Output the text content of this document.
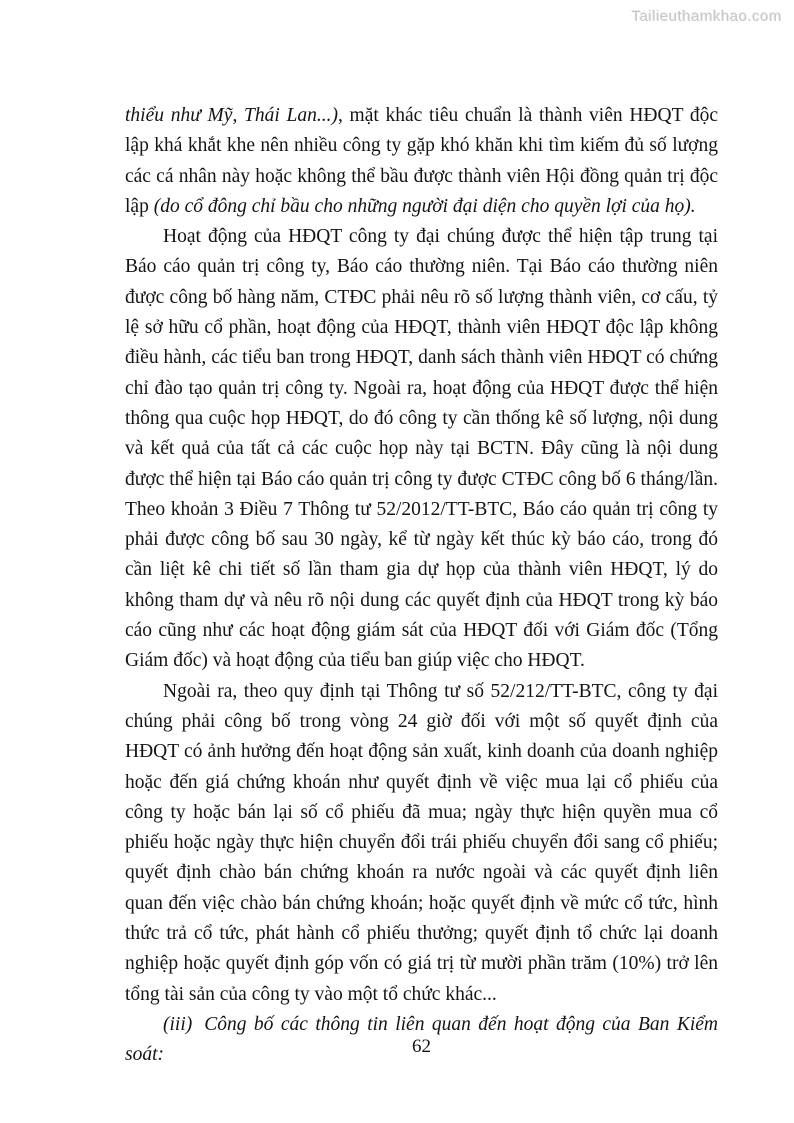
Tailieuthamkhao.com

thiểu như Mỹ, Thái Lan...), mặt khác tiêu chuẩn là thành viên HĐQT độc lập khá khắt khe nên nhiều công ty gặp khó khăn khi tìm kiếm đủ số lượng các cá nhân này hoặc không thể bầu được thành viên Hội đồng quản trị độc lập (do cổ đông chỉ bầu cho những người đại diện cho quyền lợi của họ).

Hoạt động của HĐQT công ty đại chúng được thể hiện tập trung tại Báo cáo quản trị công ty, Báo cáo thường niên. Tại Báo cáo thường niên được công bố hàng năm, CTĐC phải nêu rõ số lượng thành viên, cơ cấu, tỷ lệ sở hữu cổ phần, hoạt động của HĐQT, thành viên HĐQT độc lập không điều hành, các tiểu ban trong HĐQT, danh sách thành viên HĐQT có chứng chỉ đào tạo quản trị công ty. Ngoài ra, hoạt động của HĐQT được thể hiện thông qua cuộc họp HĐQT, do đó công ty cần thống kê số lượng, nội dung và kết quả của tất cả các cuộc họp này tại BCTN. Đây cũng là nội dung được thể hiện tại Báo cáo quản trị công ty được CTĐC công bố 6 tháng/lần. Theo khoản 3 Điều 7 Thông tư 52/2012/TT-BTC, Báo cáo quản trị công ty phải được công bố sau 30 ngày, kể từ ngày kết thúc kỳ báo cáo, trong đó cần liệt kê chi tiết số lần tham gia dự họp của thành viên HĐQT, lý do không tham dự và nêu rõ nội dung các quyết định của HĐQT trong kỳ báo cáo cũng như các hoạt động giám sát của HĐQT đối với Giám đốc (Tổng Giám đốc) và hoạt động của tiểu ban giúp việc cho HĐQT.

Ngoài ra, theo quy định tại Thông tư số 52/212/TT-BTC, công ty đại chúng phải công bố trong vòng 24 giờ đối với một số quyết định của HĐQT có ảnh hưởng đến hoạt động sản xuất, kinh doanh của doanh nghiệp hoặc đến giá chứng khoán như quyết định về việc mua lại cổ phiếu của công ty hoặc bán lại số cổ phiếu đã mua; ngày thực hiện quyền mua cổ phiếu hoặc ngày thực hiện chuyển đổi trái phiếu chuyển đổi sang cổ phiếu; quyết định chào bán chứng khoán ra nước ngoài và các quyết định liên quan đến việc chào bán chứng khoán; hoặc quyết định về mức cổ tức, hình thức trả cổ tức, phát hành cổ phiếu thưởng; quyết định tổ chức lại doanh nghiệp hoặc quyết định góp vốn có giá trị từ mười phần trăm (10%) trở lên tổng tài sản của công ty vào một tổ chức khác...

(iii) Công bố các thông tin liên quan đến hoạt động của Ban Kiểm soát:	62
